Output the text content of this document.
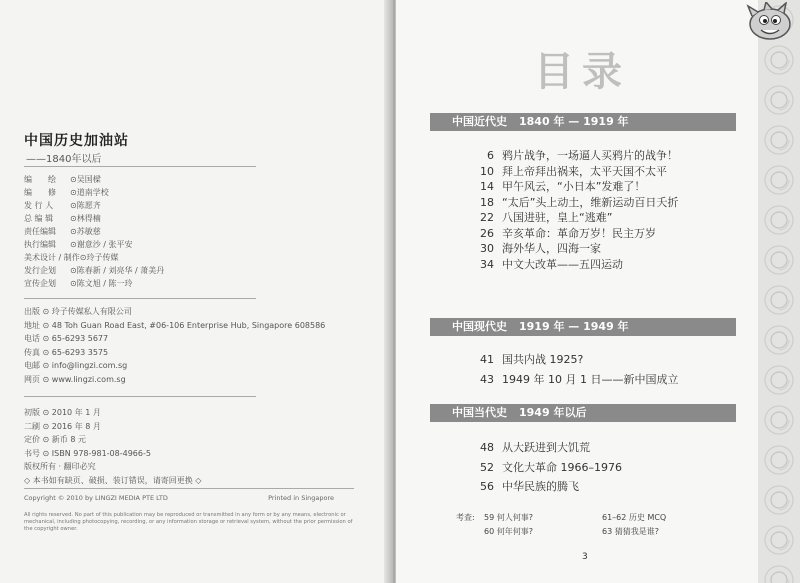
中国历史加油站
——1840年以后
编　　绘 ⊙吴国樑
编　　修 ⊙道南学校
发 行 人 ⊙陈愿齐
总 编 辑 ⊙林得楠
责任编辑 ⊙苏敏慈
执行编辑 ⊙谢意沙 / 张平安
美术设计 / 制作⊙玲子传媒
发行企划 ⊙陈春新 / 刘亮华 / 萧美丹
宣传企划 ⊙陈文旭 / 陈一玲
出版 ⊙ 玲子传媒私人有限公司
地址 ⊙ 48 Toh Guan Road East, #06-106 Enterprise Hub, Singapore 608586
电话 ⊙ 65-6293 5677
传真 ⊙ 65-6293 3575
电邮 ⊙ info@lingzi.com.sg
网页 ⊙ www.lingzi.com.sg
初版 ⊙ 2010 年 1 月
二刷 ⊙ 2016 年 8 月
定价 ⊙ 新币 8 元
书号 ⊙ ISBN 978-981-08-4966-5
版权所有 · 翻印必究
◇ 本书如有缺页、破损、装订错误，请寄回更换 ◇
Copyright © 2010 by LINGZI MEDIA PTE LTD	Printed in Singapore
All rights reserved. No part of this publication may be reproduced or transmitted in any form or by any means, electronic or mechanical, including photocopying, recording, or any information storage or retrieval system, without the prior permission of the copyright owner.
目录
中国近代史 1840 年 — 1919 年
6 鸦片战争，一场逼人买鸦片的战争！
10 拜上帝拜出祸来，太平天国不太平
14 甲午风云，“小日本”发难了！
18 “太后”头上动土，维新运动百日夭折
22 八国进驻，皇上“逃难”
26 辛亥革命：革命万岁！民主万岁
30 海外华人，四海一家
34 中文大改革——五四运动
中国现代史 1919 年 — 1949 年
41 国共内战 1925?
43 1949 年 10 月 1 日——新中国成立
中国当代史 1949 年以后
48 从大跃进到大饥荒
52 文化大革命 1966–1976
56 中华民族的腾飞
考查: 59 何人何事?	61–62 历史 MCQ
60 何年何事?	63 猜猜我是谁?
3
